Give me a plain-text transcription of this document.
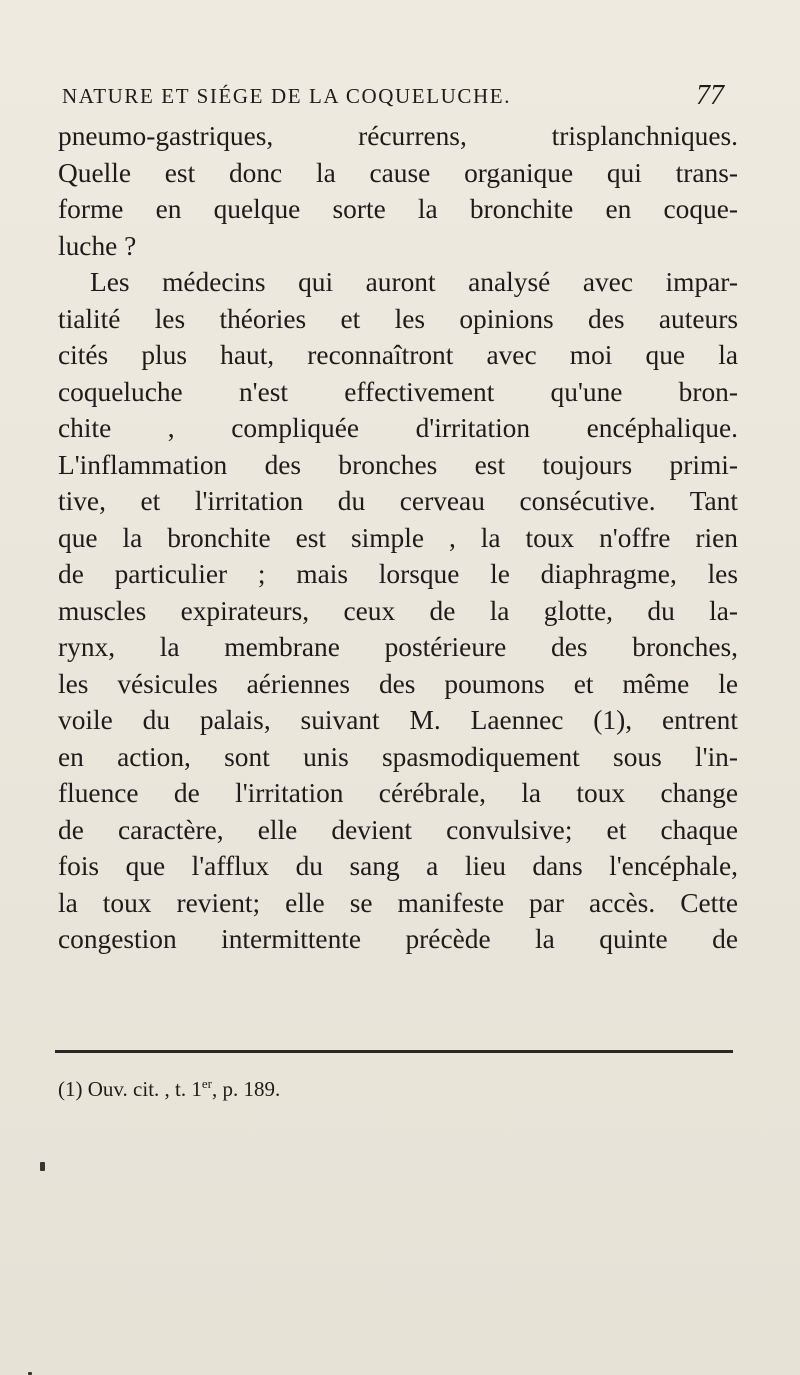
NATURE ET SIÉGE DE LA COQUELUCHE.	77
pneumo-gastriques, récurrens, trisplanchniques.
Quelle est donc la cause organique qui trans-
forme en quelque sorte la bronchite en coque-
luche ?
Les médecins qui auront analysé avec impar-
tialité les théories et les opinions des auteurs
cités plus haut, reconnaîtront avec moi que la
coqueluche n'est effectivement qu'une bron-
chite , compliquée d'irritation encéphalique.
L'inflammation des bronches est toujours primi-
tive, et l'irritation du cerveau consécutive. Tant
que la bronchite est simple , la toux n'offre rien
de particulier ; mais lorsque le diaphragme, les
muscles expirateurs, ceux de la glotte, du la-
rynx, la membrane postérieure des bronches,
les vésicules aériennes des poumons et même le
voile du palais, suivant M. Laennec (1), entrent
en action, sont unis spasmodiquement sous l'in-
fluence de l'irritation cérébrale, la toux change
de caractère, elle devient convulsive; et chaque
fois que l'afflux du sang a lieu dans l'encéphale,
la toux revient; elle se manifeste par accès. Cette
congestion intermittente précède la quinte de
(1) Ouv. cit. , t. 1er, p. 189.
